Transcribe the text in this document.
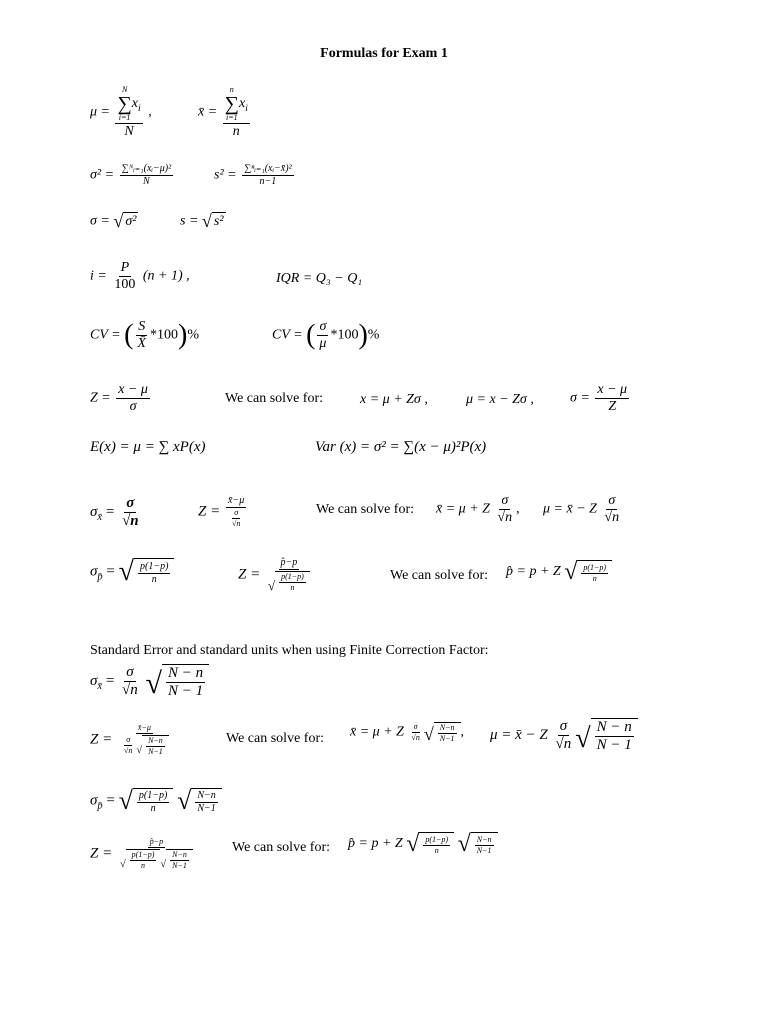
Formulas for Exam 1
μ = N
∑
i=1
$x_i$
N ,	x̄ = n
∑
i=1
$x_i$
n
$\sigma^2 = \frac{\text{∑ᴺᵢ₌₁(xᵢ−μ)²}}{N}$	$s^2 = \frac{\text{∑ⁿᵢ₌₁(xᵢ−x̄)²}}{n-1}$
σ = √ σ²	s = √ s²
$i = \frac{P}{100} (n + 1)$ ,	IQR = Q₃ − Q₁
CV = ( $\frac{S}{X̄} *100)\%$	CV = ( $\frac{\sigma}{\mu} *100)\%$
$Z = \frac{x - \mu}{\sigma}$	We can solve for:	x = μ + Zσ ,	μ = x − Zσ ,	$\sigma = \frac{x - \mu}{Z}$
E(x) = μ = ∑ xP(x)	Var (x) = σ² = ∑(x − μ)²P(x)
$\sigma_{x̄} = \frac{\sigma}{√n}$	$Z = \frac{x̄-\mu}{\frac{\sigma}{√n}}$	We can solve for: x̄ = μ + Z $\frac{\sigma}{√n}$ , μ = x̄ − Z $\frac{\sigma}{√n}$
$\sigma_{p̄}$ = √ $\frac{p(1-p)}{n}$	$Z = \frac{p̂-p}{√ \frac{p(1-p)}{n}}$	We can solve for: p̂ = p + Z √ $\frac{p(1-p)}{n}$
Standard Error and standard units when using Finite Correction Factor:
$\sigma_{x̄} = \frac{\sigma}{√n}$
√ $\frac{N - n}{N - 1}$
$Z = \frac{x̄-\mu}{\frac{\sigma}{√n} √ \frac{N-n}{N-1}}$	We can solve for: x̄ = μ + Z $\frac{\sigma}{√n}$ √ $\frac{N-n}{N-1}$ , μ = x̄ − Z $\frac{\sigma}{√n}$ √ $\frac{N - n}{N - 1}$
$\sigma_{p̄}$ = √ $\frac{p(1-p)}{n}$
√ $\frac{N-n}{N-1}$
$Z = \frac{p̂-p}{√ \frac{p(1-p)}{n} √ \frac{N-n}{N-1}}$	We can solve for: p̂ = p + Z √ $\frac{p(1-p)}{n}$
√ $\frac{N-n}{N-1}$
